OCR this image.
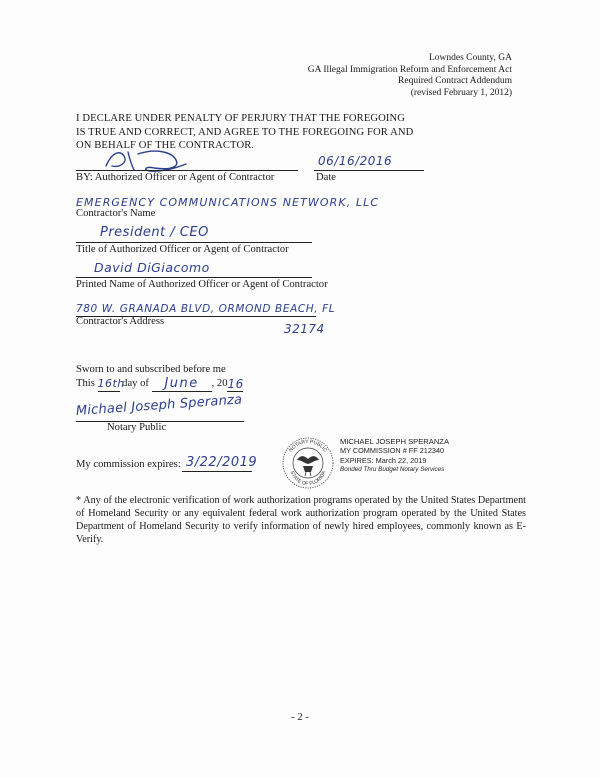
Lowndes County, GA
GA Illegal Immigration Reform and Enforcement Act
Required Contract Addendum
(revised February 1, 2012)
I DECLARE UNDER PENALTY OF PERJURY THAT THE FOREGOING
IS TRUE AND CORRECT, AND AGREE TO THE FOREGOING FOR AND
ON BEHALF OF THE CONTRACTOR.
BY: Authorized Officer or Agent of Contractor
06/16/2016
Date
EMERGENCY COMMUNICATIONS NETWORK, LLC
Contractor's Name
President / CEO
Title of Authorized Officer or Agent of Contractor
David DiGiacomo
Printed Name of Authorized Officer or Agent of Contractor
780 W. GRANADA BLVD, ORMOND BEACH, FL
Contractor's Address
32174
Sworn to and subscribed before me
This 16th
day of	June	, 20 16
Michael Joseph Speranza
Notary Public
My commission expires: 3/22/2019
NOTARY PUBLIC
STATE OF FLORIDA
MICHAEL JOSEPH SPERANZA
MY COMMISSION # FF 212340
EXPIRES: March 22, 2019
Bonded Thru Budget Notary Services
* Any of the electronic verification of work authorization programs operated by the United States Department of Homeland Security or any equivalent federal work authorization program operated by the United States Department of Homeland Security to verify information of newly hired employees, commonly known as E-Verify.
- 2 -
